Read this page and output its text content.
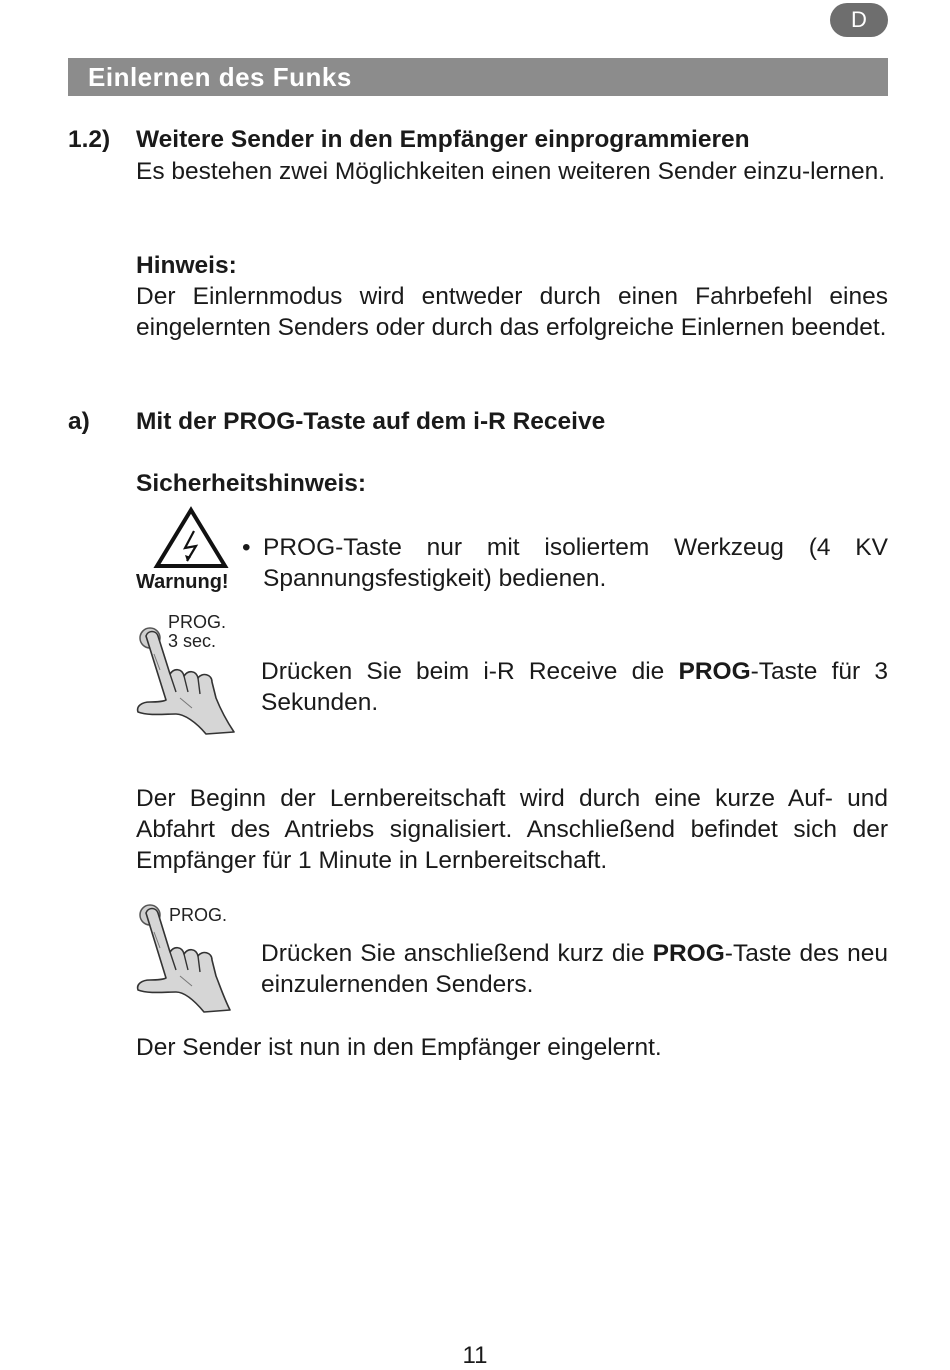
D
Einlernen des Funks
1.2) Weitere Sender in den Empfänger einprogrammieren
Es bestehen zwei Möglichkeiten einen weiteren Sender einzu-lernen.
Hinweis:
Der Einlernmodus wird entweder durch einen Fahrbefehl eines eingelernten Senders oder durch das erfolgreiche Einlernen beendet.
a) Mit der PROG-Taste auf dem i-R Receive
Sicherheitshinweis:
Warnung!
• PROG-Taste nur mit isoliertem Werkzeug (4 KV Spannungsfestigkeit) bedienen.
PROG.
3 sec.
Drücken Sie beim i-R Receive die PROG-Taste für 3 Sekunden.
Der Beginn der Lernbereitschaft wird durch eine kurze Auf- und Abfahrt des Antriebs signalisiert. Anschließend befindet sich der Empfänger für 1 Minute in Lernbereitschaft.
PROG.
Drücken Sie anschließend kurz die PROG-Taste des neu einzulernenden Senders.
Der Sender ist nun in den Empfänger eingelernt.
11
